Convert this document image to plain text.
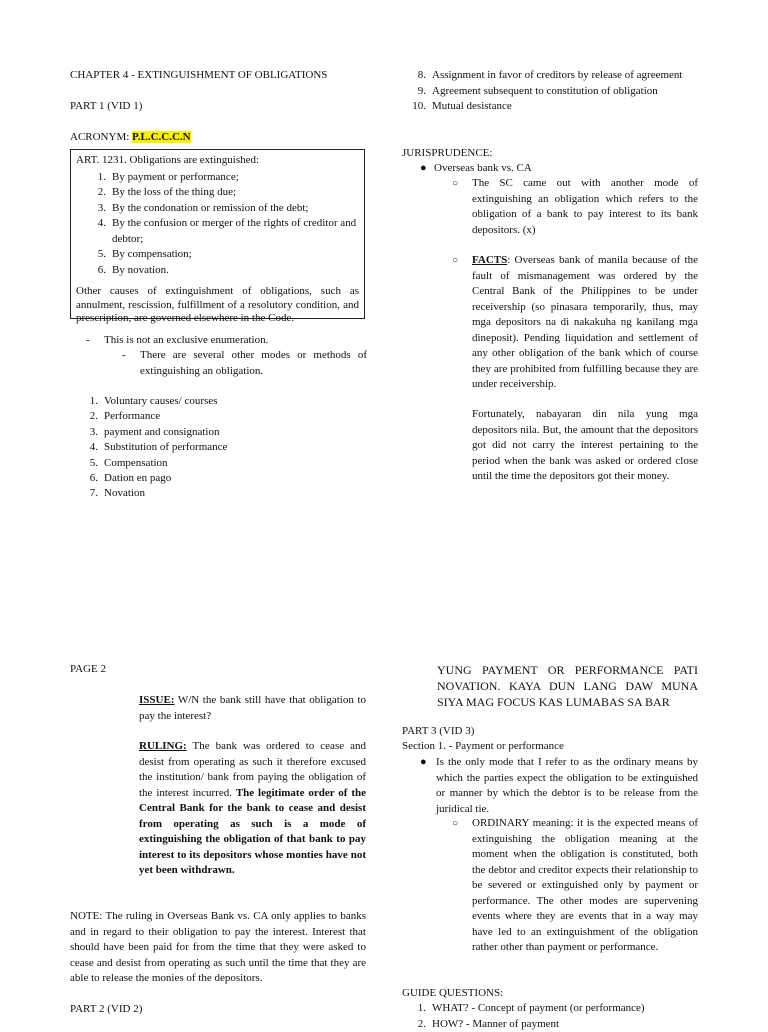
CHAPTER 4 - EXTINGUISHMENT OF OBLIGATIONS
PART 1 (VID 1)
ACRONYM: P.L.C.C.C.N
ART. 1231. Obligations are extinguished:
1. By payment or performance;
2. By the loss of the thing due;
3. By the condonation or remission of the debt;
4. By the confusion or merger of the rights of creditor and debtor;
5. By compensation;
6. By novation.
Other causes of extinguishment of obligations, such as annulment, rescission, fulfillment of a resolutory condition, and prescription, are governed elsewhere in the Code.
-	This is not an exclusive enumeration.
-	There are several other modes or methods of extinguishing an obligation.
1. Voluntary causes/ courses
2. Performance
3. payment and consignation
4. Substitution of performance
5. Compensation
6. Dation en pago
7. Novation
PAGE 2
ISSUE: W/N the bank still have that obligation to pay the interest?
RULING: The bank was ordered to cease and desist from operating as such it therefore excused the institution/ bank from paying the obligation of the interest incurred. The legitimate order of the Central Bank for the bank to cease and desist from operating as such is a mode of extinguishing the obligation of that bank to pay interest to its depositors whose monties have not yet been withdrawn.
NOTE: The ruling in Overseas Bank vs. CA only applies to banks and in regard to their obligation to pay the interest. Interest that should have been paid for from the time that they were asked to cease and desist from operating as such until the time that they are able to release the monies of the depositors.
PART 2 (VID 2)
8. Assignment in favor of creditors by release of agreement
9. Agreement subsequent to constitution of obligation
10. Mutual desistance
JURISPRUDENCE:
● Overseas bank vs. CA
○	The SC came out with another mode of extinguishing an obligation which refers to the obligation of a bank to pay interest to its bank depositors. (x)
○	FACTS: Overseas bank of manila because of the fault of mismanagement was ordered by the Central Bank of the Philippines to be under receivership (so pinasara temporarily, thus, may mga depositors na di nakakuha ng kanilang mga dineposit). Pending liquidation and settlement of any other obligation of the bank which of course they are prohibited from fulfilling because they are under receivership.
Fortunately, nabayaran din nila yung mga depositors nila. But, the amount that the depositors got did not carry the interest pertaining to the period when the bank was asked or ordered close until the time the depositors got their money.
YUNG PAYMENT OR PERFORMANCE PATI NOVATION. KAYA DUN LANG DAW MUNA SIYA MAG FOCUS KAS LUMABAS SA BAR
PART 3 (VID 3)
Section 1. - Payment or performance
● Is the only mode that I refer to as the ordinary means by which the parties expect the obligation to be extinguished or manner by which the debtor is to be release from the juridical tie.
○	ORDINARY meaning: it is the expected means of extinguishing the obligation meaning at the moment when the obligation is constituted, both the debtor and creditor expects their relationship to be severed or extinguished only by payment or performance. The other modes are supervening events where they are events that in a way may have led to an extinguishment of the obligation rather other than payment or performance.
GUIDE QUESTIONS:
1. WHAT? - Concept of payment (or performance)
2. HOW? - Manner of payment
